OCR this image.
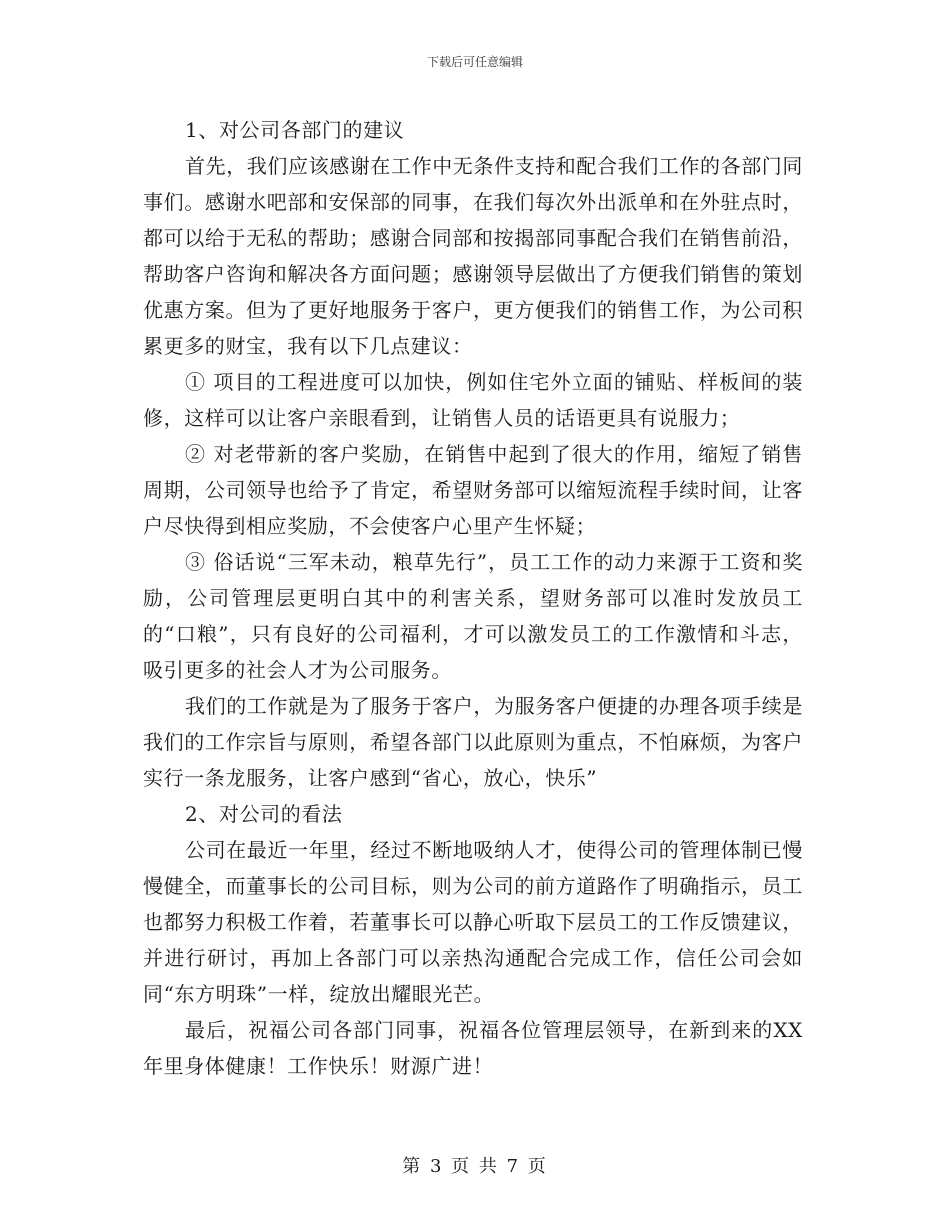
下载后可任意编辑

1、对公司各部门的建议

首先，我们应该感谢在工作中无条件支持和配合我们工作的各部门同事们。感谢水吧部和安保部的同事，在我们每次外出派单和在外驻点时，都可以给于无私的帮助；感谢合同部和按揭部同事配合我们在销售前沿，帮助客户咨询和解决各方面问题；感谢领导层做出了方便我们销售的策划优惠方案。但为了更好地服务于客户，更方便我们的销售工作，为公司积累更多的财宝，我有以下几点建议：

① 项目的工程进度可以加快，例如住宅外立面的铺贴、样板间的装修，这样可以让客户亲眼看到，让销售人员的话语更具有说服力；

② 对老带新的客户奖励，在销售中起到了很大的作用，缩短了销售周期，公司领导也给予了肯定，希望财务部可以缩短流程手续时间，让客户尽快得到相应奖励，不会使客户心里产生怀疑；

③ 俗话说“三军未动，粮草先行”，员工工作的动力来源于工资和奖励，公司管理层更明白其中的利害关系，望财务部可以准时发放员工的“口粮”，只有良好的公司福利，才可以激发员工的工作激情和斗志，吸引更多的社会人才为公司服务。

我们的工作就是为了服务于客户，为服务客户便捷的办理各项手续是我们的工作宗旨与原则，希望各部门以此原则为重点，不怕麻烦，为客户实行一条龙服务，让客户感到“省心，放心，快乐”

2、对公司的看法

公司在最近一年里，经过不断地吸纳人才，使得公司的管理体制已慢慢健全，而董事长的公司目标，则为公司的前方道路作了明确指示，员工也都努力积极工作着，若董事长可以静心听取下层员工的工作反馈建议，并进行研讨，再加上各部门可以亲热沟通配合完成工作，信任公司会如同“东方明珠”一样，绽放出耀眼光芒。

最后，祝福公司各部门同事，祝福各位管理层领导，在新到来的XX年里身体健康！工作快乐！财源广进！

第 3 页 共 7 页
